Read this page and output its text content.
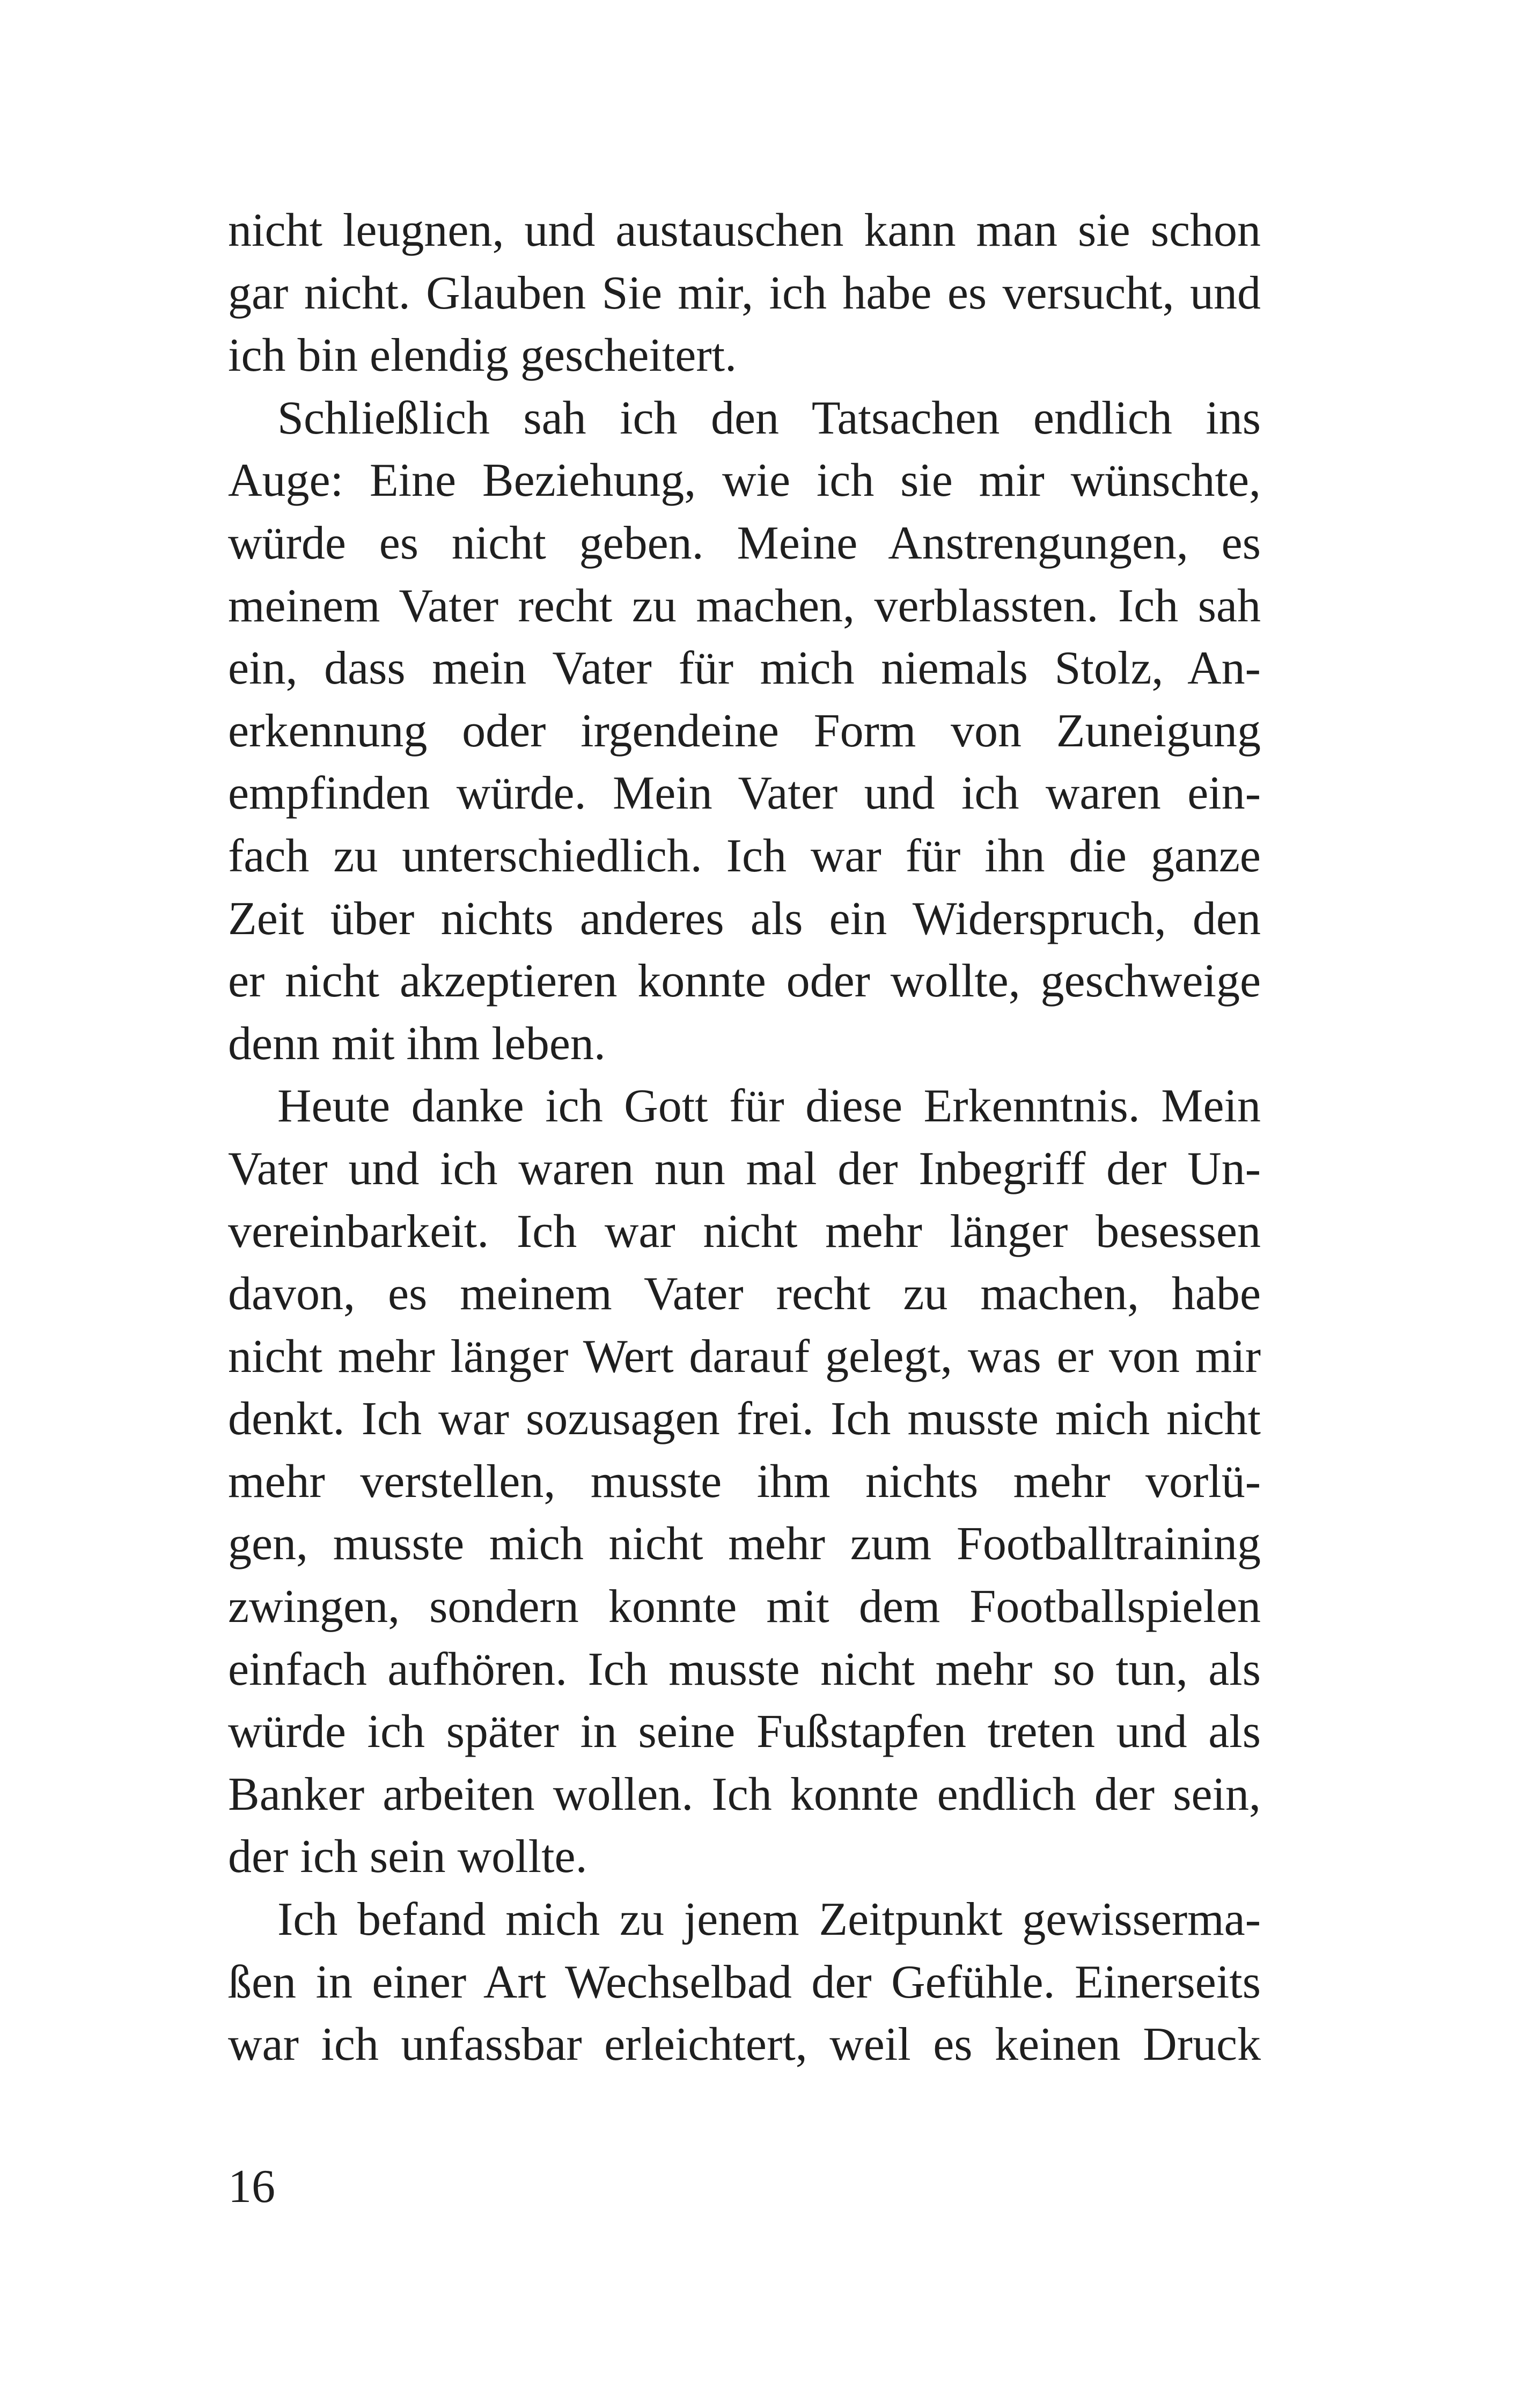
nicht leugnen, und austauschen kann man sie schon
gar nicht. Glauben Sie mir, ich habe es versucht, und
ich bin elendig gescheitert.
Schließlich sah ich den Tatsachen endlich ins
Auge: Eine Beziehung, wie ich sie mir wünschte,
würde es nicht geben. Meine Anstrengungen, es
meinem Vater recht zu machen, verblassten. Ich sah
ein, dass mein Vater für mich niemals Stolz, An-
erkennung oder irgendeine Form von Zuneigung
empfinden würde. Mein Vater und ich waren ein-
fach zu unterschiedlich. Ich war für ihn die ganze
Zeit über nichts anderes als ein Widerspruch, den
er nicht akzeptieren konnte oder wollte, geschweige
denn mit ihm leben.
Heute danke ich Gott für diese Erkenntnis. Mein
Vater und ich waren nun mal der Inbegriff der Un-
vereinbarkeit. Ich war nicht mehr länger besessen
davon, es meinem Vater recht zu machen, habe
nicht mehr länger Wert darauf gelegt, was er von mir
denkt. Ich war sozusagen frei. Ich musste mich nicht
mehr verstellen, musste ihm nichts mehr vorlü-
gen, musste mich nicht mehr zum Footballtraining
zwingen, sondern konnte mit dem Footballspielen
einfach aufhören. Ich musste nicht mehr so tun, als
würde ich später in seine Fußstapfen treten und als
Banker arbeiten wollen. Ich konnte endlich der sein,
der ich sein wollte.
Ich befand mich zu jenem Zeitpunkt gewisserma-
ßen in einer Art Wechselbad der Gefühle. Einerseits
war ich unfassbar erleichtert, weil es keinen Druck
16
